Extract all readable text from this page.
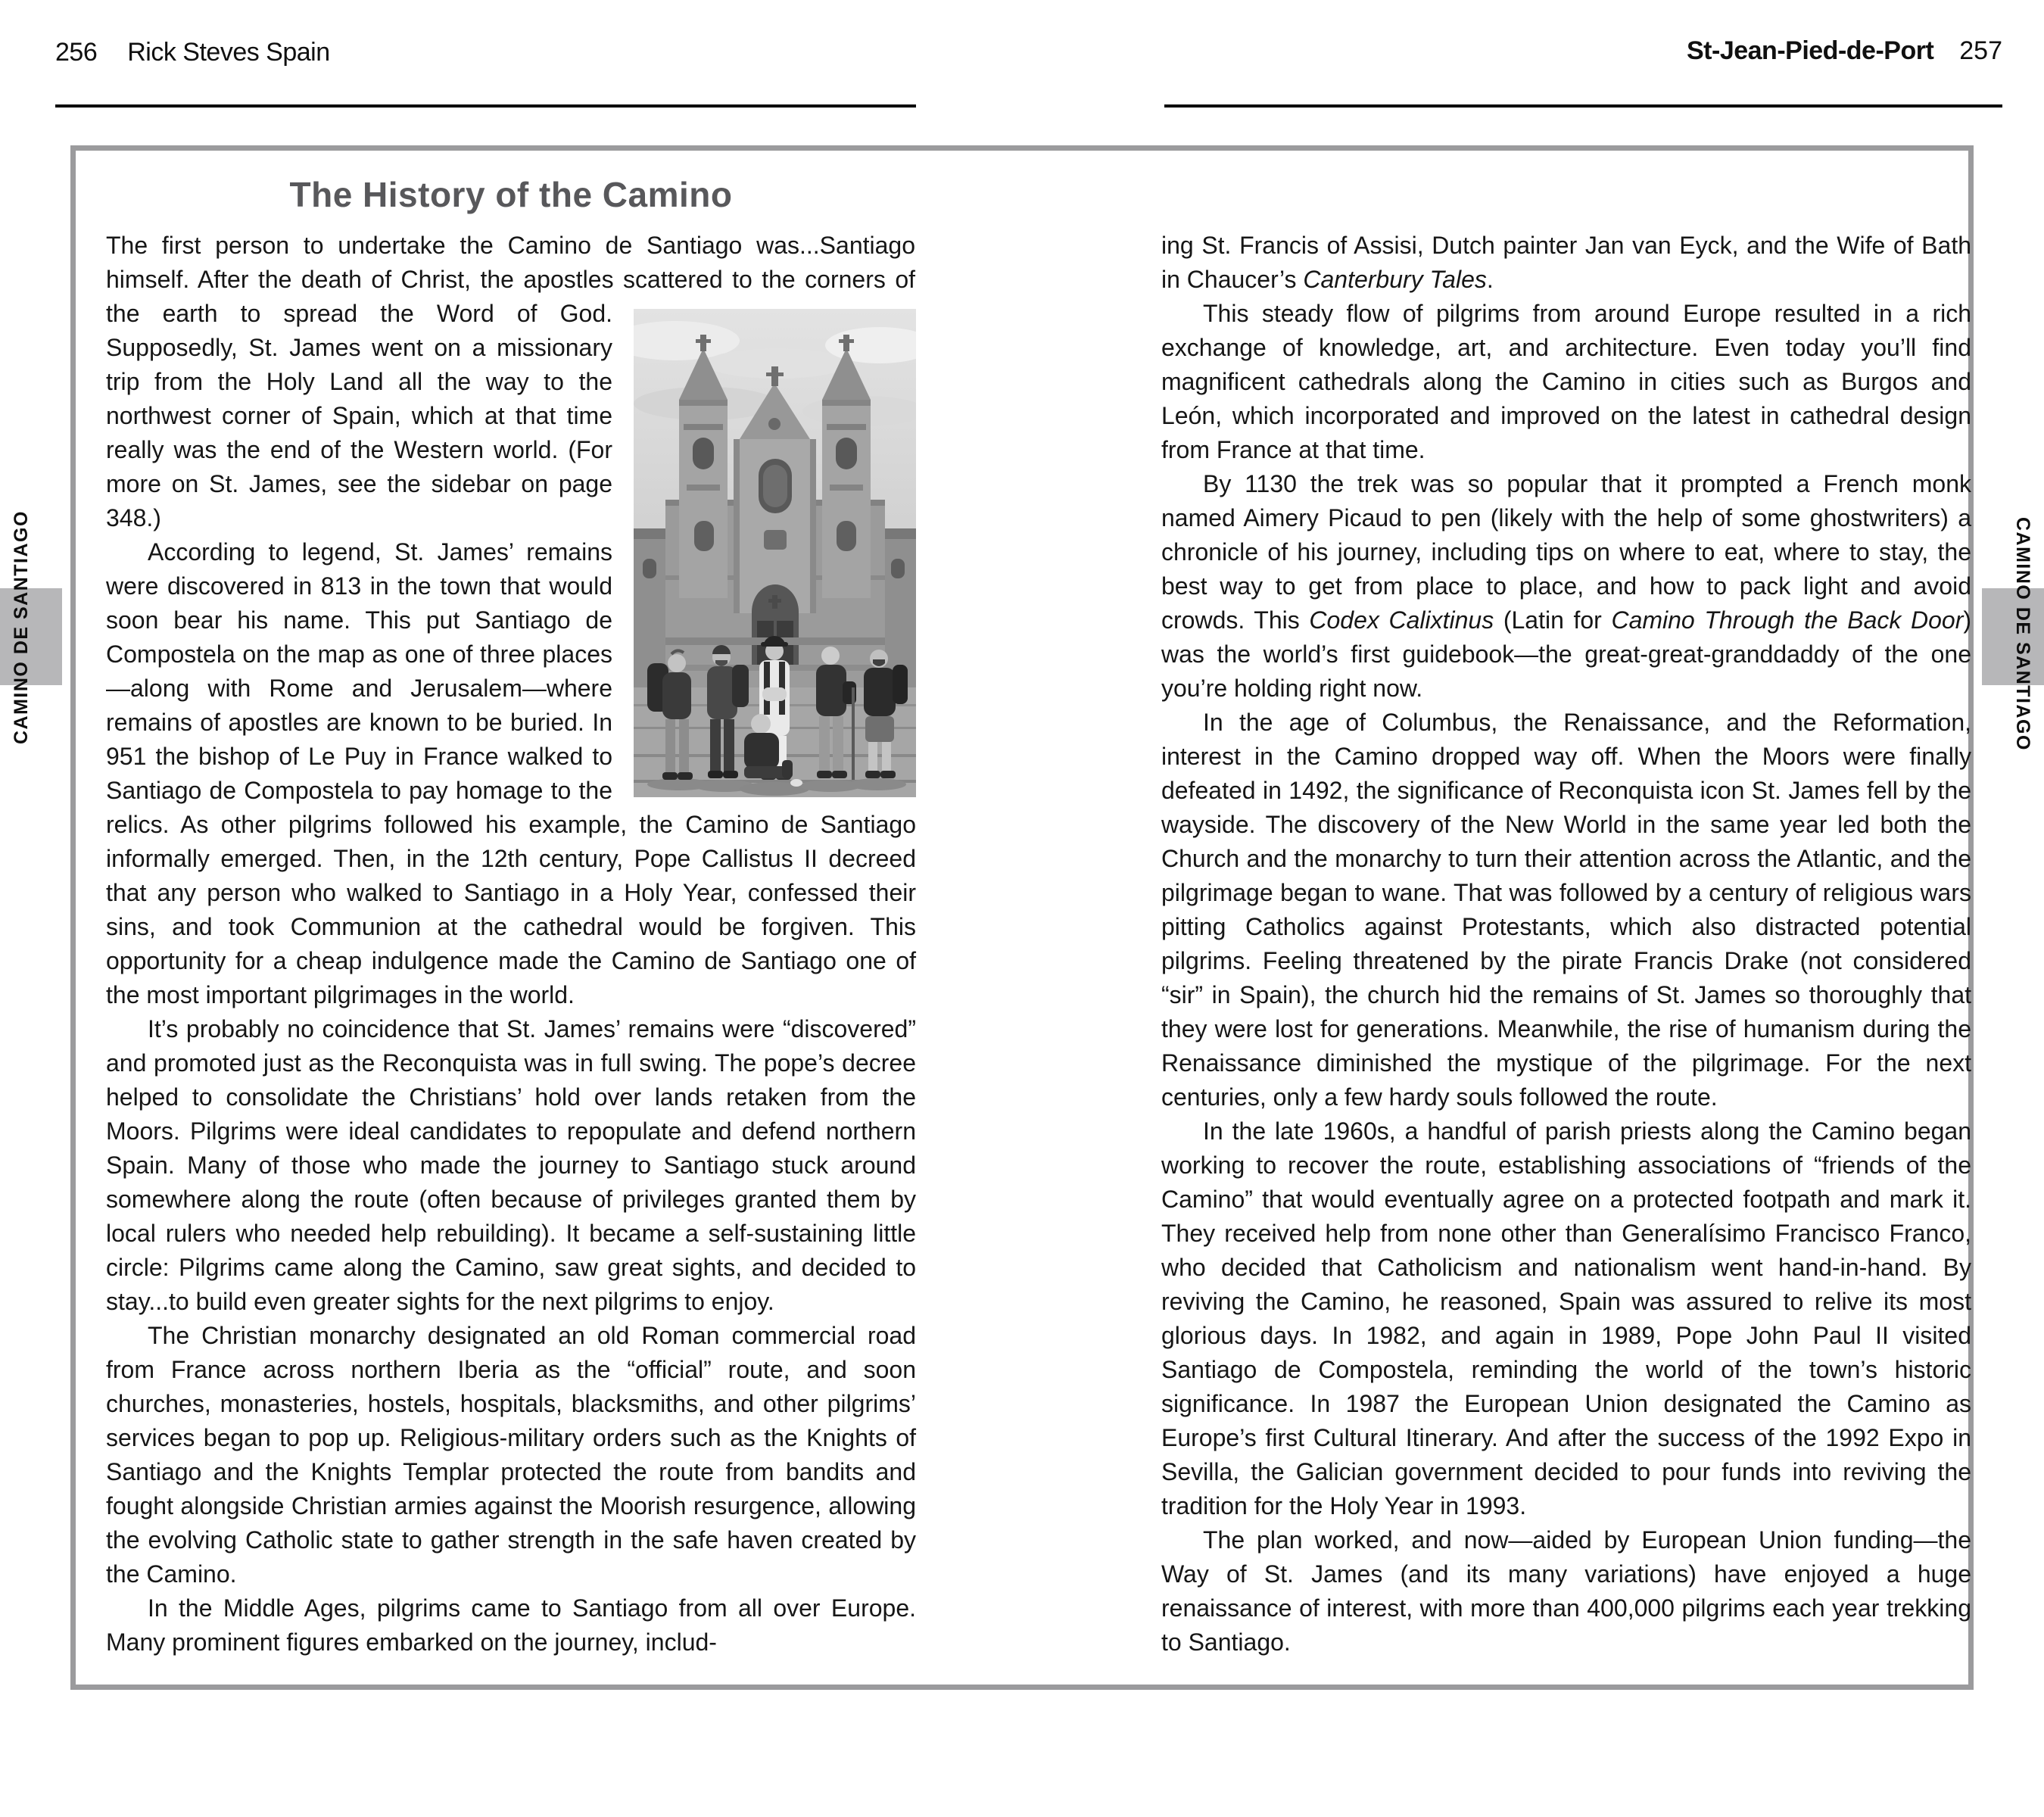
256 Rick Steves Spain	St-Jean-Pied-de-Port 257
CAMINO DE SANTIAGO	CAMINO DE SANTIAGO
The History of the Camino

The first person to undertake the Camino de Santiago was...Santiago himself. After the death of Christ, the apostles scattered to the corners of the earth to spread the Word of God. Supposedly, St. James went on a missionary trip from the Holy Land all the way to the northwest corner of Spain, which at that time really was the end of the Western world. (For more on St. James, see the sidebar on page 348.)

According to legend, St. James’ remains were discovered in 813 in the town that would soon bear his name. This put Santiago de Compostela on the map as one of three places—along with Rome and Jerusalem—where remains of apostles are known to be buried. In 951 the bishop of Le Puy in France walked to Santiago de Compostela to pay homage to the relics. As other pilgrims followed his example, the Camino de Santiago informally emerged. Then, in the 12th century, Pope Callistus II decreed that any person who walked to Santiago in a Holy Year, confessed their sins, and took Communion at the cathedral would be forgiven. This opportunity for a cheap indulgence made the Camino de Santiago one of the most important pilgrimages in the world.

It’s probably no coincidence that St. James’ remains were “discovered” and promoted just as the Reconquista was in full swing. The pope’s decree helped to consolidate the Christians’ hold over lands retaken from the Moors. Pilgrims were ideal candidates to repopulate and defend northern Spain. Many of those who made the journey to Santiago stuck around somewhere along the route (often because of privileges granted them by local rulers who needed help rebuilding). It became a self-sustaining little circle: Pilgrims came along the Camino, saw great sights, and decided to stay...to build even greater sights for the next pilgrims to enjoy.

The Christian monarchy designated an old Roman commercial road from France across northern Iberia as the “official” route, and soon churches, monasteries, hostels, hospitals, blacksmiths, and other pilgrims’ services began to pop up. Religious-military orders such as the Knights of Santiago and the Knights Templar protected the route from bandits and fought alongside Christian armies against the Moorish resurgence, allowing the evolving Catholic state to gather strength in the safe haven created by the Camino.

In the Middle Ages, pilgrims came to Santiago from all over Europe. Many prominent figures embarked on the journey, includ-

ing St. Francis of Assisi, Dutch painter Jan van Eyck, and the Wife of Bath in Chaucer’s Canterbury Tales.

This steady flow of pilgrims from around Europe resulted in a rich exchange of knowledge, art, and architecture. Even today you’ll find magnificent cathedrals along the Camino in cities such as Burgos and León, which incorporated and improved on the latest in cathedral design from France at that time.

By 1130 the trek was so popular that it prompted a French monk named Aimery Picaud to pen (likely with the help of some ghostwriters) a chronicle of his journey, including tips on where to eat, where to stay, the best way to get from place to place, and how to pack light and avoid crowds. This Codex Calixtinus (Latin for Camino Through the Back Door) was the world’s first guidebook—the great-great-granddaddy of the one you’re holding right now.

In the age of Columbus, the Renaissance, and the Reformation, interest in the Camino dropped way off. When the Moors were finally defeated in 1492, the significance of Reconquista icon St. James fell by the wayside. The discovery of the New World in the same year led both the Church and the monarchy to turn their attention across the Atlantic, and the pilgrimage began to wane. That was followed by a century of religious wars pitting Catholics against Protestants, which also distracted potential pilgrims. Feeling threatened by the pirate Francis Drake (not considered “sir” in Spain), the church hid the remains of St. James so thoroughly that they were lost for generations. Meanwhile, the rise of humanism during the Renaissance diminished the mystique of the pilgrimage. For the next centuries, only a few hardy souls followed the route.

In the late 1960s, a handful of parish priests along the Camino began working to recover the route, establishing associations of “friends of the Camino” that would eventually agree on a protected footpath and mark it. They received help from none other than Generalísimo Francisco Franco, who decided that Catholicism and nationalism went hand-in-hand. By reviving the Camino, he reasoned, Spain was assured to relive its most glorious days. In 1982, and again in 1989, Pope John Paul II visited Santiago de Compostela, reminding the world of the town’s historic significance. In 1987 the European Union designated the Camino as Europe’s first Cultural Itinerary. And after the success of the 1992 Expo in Sevilla, the Galician government decided to pour funds into reviving the tradition for the Holy Year in 1993.

The plan worked, and now—aided by European Union funding—the Way of St. James (and its many variations) have enjoyed a huge renaissance of interest, with more than 400,000 pilgrims each year trekking to Santiago.
